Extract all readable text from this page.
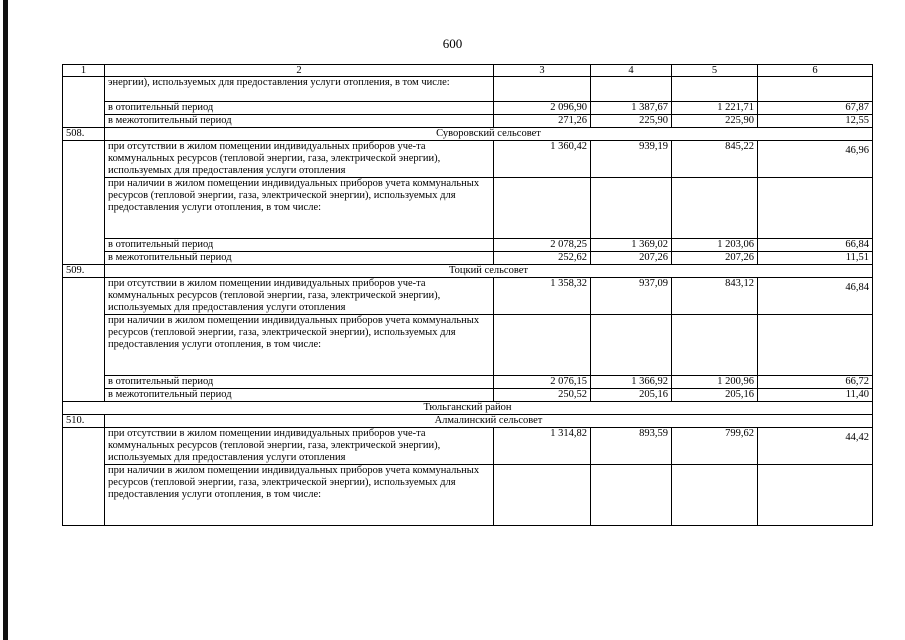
600
1	2	3	4	5	6
	энергии), используемых для предоставления услуги отопления, в том числе:				
	в отопительный период	2 096,90	1 387,67	1 221,71	67,87
	в межотопительный период	271,26	225,90	225,90	12,55
508.	Суворовский сельсовет				
	при отсутствии в жилом помещении индивидуальных приборов уче-та коммунальных ресурсов (тепловой энергии, газа, электрической энергии), используемых для предоставления услуги отопления	1 360,42	939,19	845,22	46,96
	при наличии в жилом помещении индивидуальных приборов учета коммунальных ресурсов (тепловой энергии, газа, электрической энергии), используемых для предоставления услуги отопления, в том числе:				
	в отопительный период	2 078,25	1 369,02	1 203,06	66,84
	в межотопительный период	252,62	207,26	207,26	11,51
509.	Тоцкий сельсовет				
	при отсутствии в жилом помещении индивидуальных приборов уче-та коммунальных ресурсов (тепловой энергии, газа, электрической энергии), используемых для предоставления услуги отопления	1 358,32	937,09	843,12	46,84
	при наличии в жилом помещении индивидуальных приборов учета коммунальных ресурсов (тепловой энергии, газа, электрической энергии), используемых для предоставления услуги отопления, в том числе:				
	в отопительный период	2 076,15	1 366,92	1 200,96	66,72
	в межотопительный период	250,52	205,16	205,16	11,40
Тюльганский район					
510.	Алмалинский сельсовет				
	при отсутствии в жилом помещении индивидуальных приборов уче-та коммунальных ресурсов (тепловой энергии, газа, электрической энергии), используемых для предоставления услуги отопления	1 314,82	893,59	799,62	44,42
	при наличии в жилом помещении индивидуальных приборов учета коммунальных ресурсов (тепловой энергии, газа, электрической энергии), используемых для предоставления услуги отопления, в том числе:				
